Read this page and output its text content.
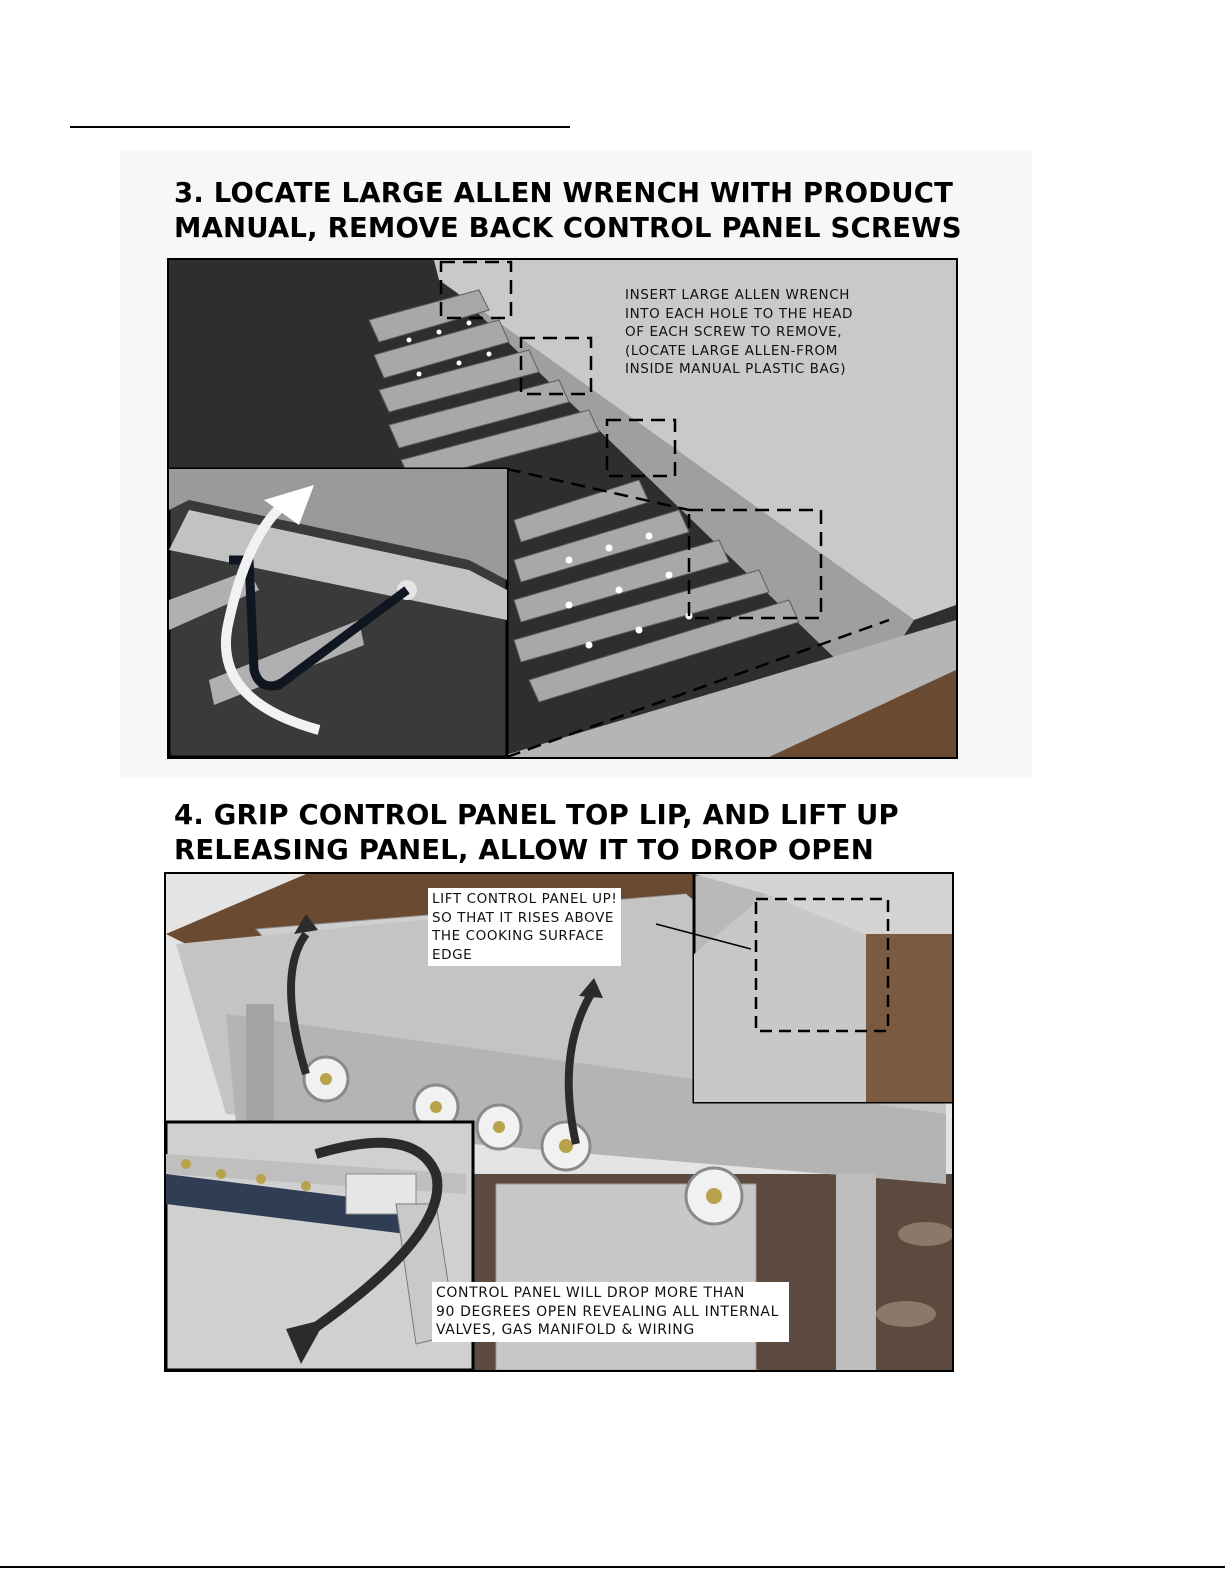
3. LOCATE LARGE ALLEN WRENCH WITH PRODUCT
MANUAL, REMOVE BACK CONTROL PANEL SCREWS
INSERT LARGE ALLEN WRENCH
INTO EACH HOLE TO THE HEAD
OF EACH SCREW TO REMOVE,
(LOCATE LARGE ALLEN-FROM
INSIDE MANUAL PLASTIC BAG)
4. GRIP CONTROL PANEL TOP LIP, AND LIFT UP
RELEASING PANEL, ALLOW IT TO DROP OPEN
LIFT CONTROL PANEL UP!
SO THAT IT RISES ABOVE
THE COOKING SURFACE
EDGE
CONTROL PANEL WILL DROP MORE THAN
90 DEGREES OPEN REVEALING ALL INTERNAL
VALVES, GAS MANIFOLD & WIRING
